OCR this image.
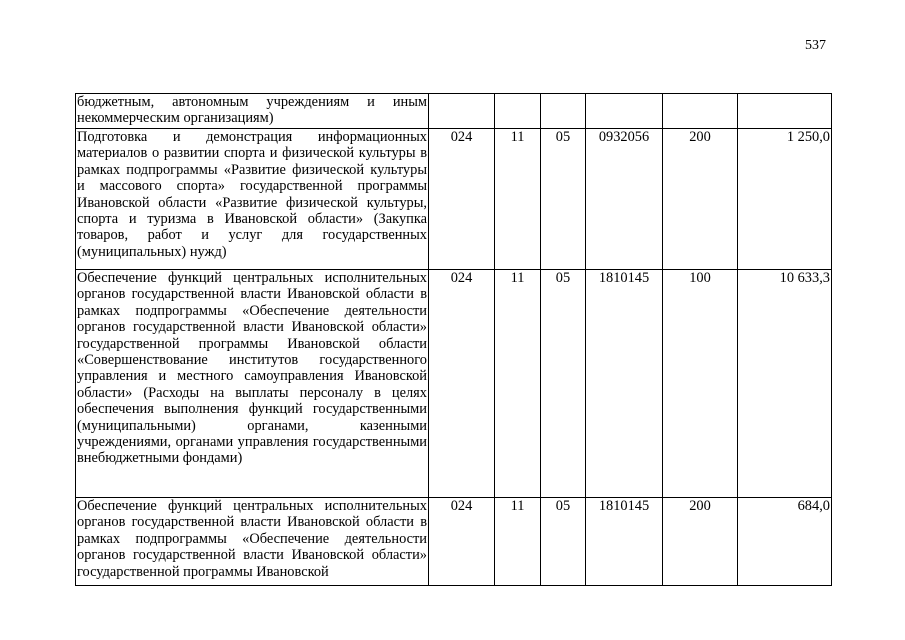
537
бюджетным, автономным учреждениям и иным некоммерческим организациям)						
Подготовка и демонстрация информационных материалов о развитии спорта и физической культуры в рамках подпрограммы «Развитие физической культуры и массового спорта» государственной программы Ивановской области «Развитие физической культуры, спорта и туризма в Ивановской области» (Закупка товаров, работ и услуг для государственных (муниципальных) нужд)	024	11	05	0932056	200	1 250,0
Обеспечение функций центральных исполнительных органов государственной власти Ивановской области в рамках подпрограммы «Обеспечение деятельности органов государственной власти Ивановской области» государственной программы Ивановской области «Совершенствование институтов государственного управления и местного самоуправления Ивановской области» (Расходы на выплаты персоналу в целях обеспечения выполнения функций государственными (муниципальными) органами, казенными учреждениями, органами управления государственными внебюджетными фондами)	024	11	05	1810145	100	10 633,3
Обеспечение функций центральных исполнительных органов государственной власти Ивановской области в рамках подпрограммы «Обеспечение деятельности органов государственной власти Ивановской области» государственной программы Ивановской	024	11	05	1810145	200	684,0
